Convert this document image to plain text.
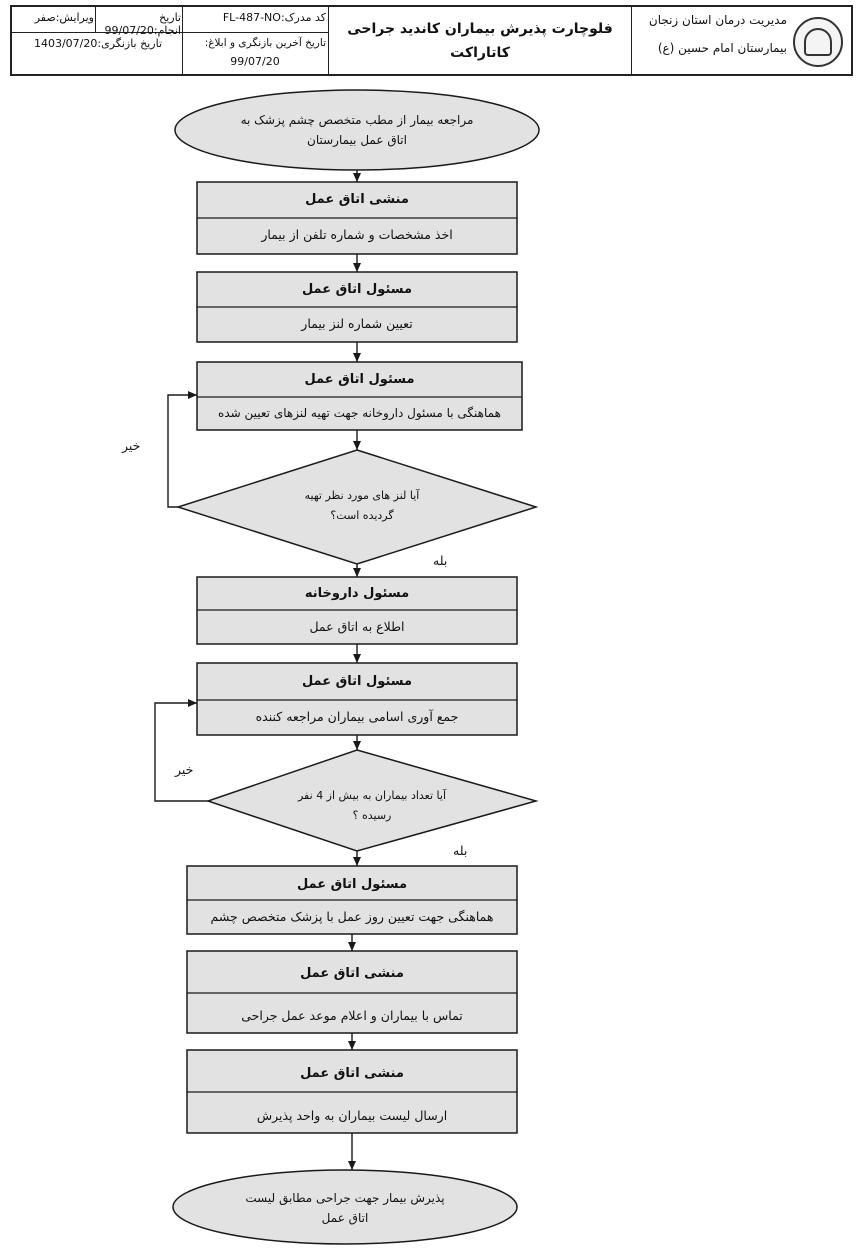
مدیریت درمان استان زنجان
بیمارستان امام حسین (ع)
فلوچارت پذیرش بیماران کاندید جراحی
کاتاراکت
کد مدرک:FL-487-NO
تاریخ آخرین بازنگری و ابلاغ:
99/07/20
تاریخ انجام:99/07/20
ویرایش:صفر
تاریخ بازنگری:1403/07/20
مراجعه بیمار از مطب متخصص چشم پزشک به اتاق عمل بیمارستان
منشی اتاق عمل
اخذ مشخصات و شماره تلفن از بیمار
مسئول اتاق عمل
تعیین شماره لنز بیمار
مسئول اتاق عمل
هماهنگی با مسئول داروخانه جهت تهیه لنزهای تعیین شده
آیا لنز های مورد نظر تهیه گردیده است؟
خیر
بله
مسئول داروخانه
اطلاع به اتاق عمل
مسئول اتاق عمل
جمع آوری اسامی بیماران مراجعه کننده
آیا تعداد بیماران به بیش از 4 نفر رسیده ؟
خیر
بله
مسئول اتاق عمل
هماهنگی جهت تعیین روز عمل با پزشک متخصص چشم
منشی اتاق عمل
تماس با بیماران و اعلام موعد عمل جراحی
منشی اتاق عمل
ارسال لیست بیماران به واحد پذیرش
پذیرش بیمار جهت جراحی مطابق لیست اتاق عمل
